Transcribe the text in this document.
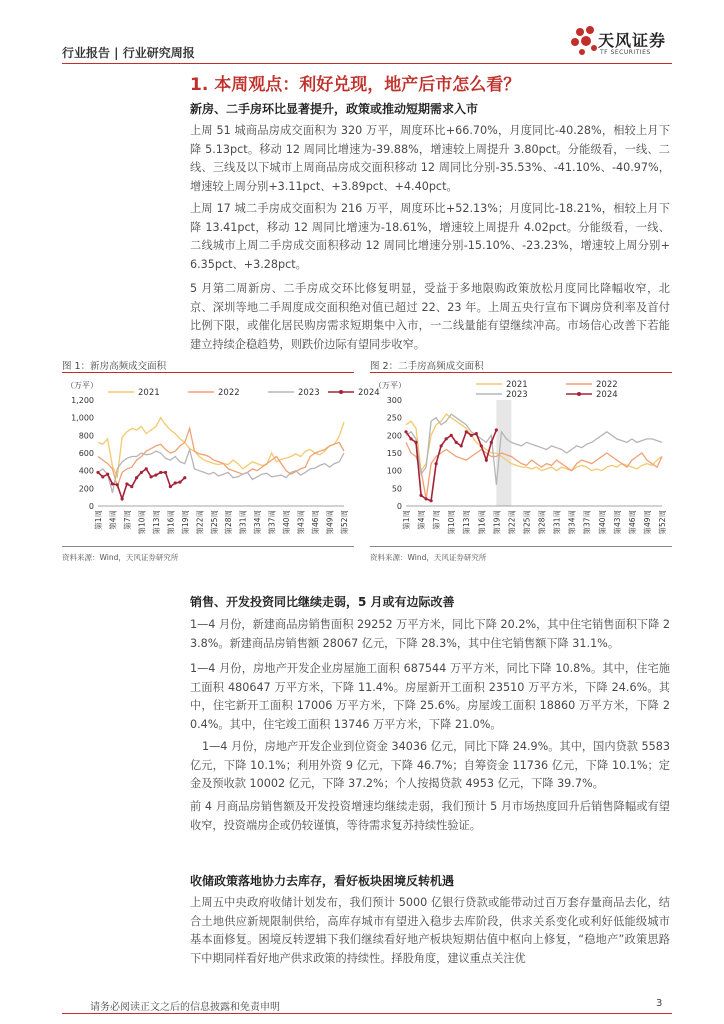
行业报告 | 行业研究周报
天风证券
TF SECURITIES
1. 本周观点：利好兑现，地产后市怎么看？
新房、二手房环比显著提升，政策或推动短期需求入市
上周 51 城商品房成交面积为 320 万平，周度环比+66.70%，月度同比-40.28%，相较上月下降 5.13pct。移动 12 周同比增速为-39.88%，增速较上周提升 3.80pct。分能级看，一线、二线、三线及以下城市上周商品房成交面积移动 12 周同比分别-35.53%、-41.10%、-40.97%，增速较上周分别+3.11pct、+3.89pct、+4.40pct。
上周 17 城二手房成交面积为 216 万平，周度环比+52.13%；月度同比-18.21%，相较上月下降 13.41pct，移动 12 周同比增速为-18.61%，增速较上周提升 4.02pct。分能级看，一线、二线城市上周二手房成交面积移动 12 周同比增速分别-15.10%、-23.23%，增速较上周分别+6.35pct、+3.28pct。
5 月第二周新房、二手房成交环比修复明显，受益于多地限购政策放松月度同比降幅收窄，北京、深圳等地二手周度成交面积绝对值已超过 22、23 年。上周五央行宣布下调房贷利率及首付比例下限，或催化居民购房需求短期集中入市，一二线量能有望继续冲高。市场信心改善下若能建立持续企稳趋势，则跌价边际有望同步收窄。
图 1：新房高频成交面积	图 2：二手房高频成交面积
（万平）
0
200
400
600
800
1,000
1,200
第1周 第4周 第7周 第10周 第13周 第16周 第19周 第22周 第25周 第28周 第31周 第34周 第37周 第40周 第43周 第46周 第49周 第52周
2021	2022	2023	2024
（万平）
0
50
100
150
200
250
300
第1周 第4周 第7周 第10周 第13周 第16周 第19周 第22周 第25周 第28周 第31周 第34周 第37周 第40周 第43周 第46周 第49周 第52周
2021	2022
2023	2024
资料来源：Wind，天风证券研究所	资料来源：Wind，天风证券研究所
销售、开发投资同比继续走弱，5 月或有边际改善
1—4 月份，新建商品房销售面积 29252 万平方米，同比下降 20.2%，其中住宅销售面积下降 23.8%。新建商品房销售额 28067 亿元，下降 28.3%，其中住宅销售额下降 31.1%。
1—4 月份，房地产开发企业房屋施工面积 687544 万平方米，同比下降 10.8%。其中，住宅施工面积 480647 万平方米，下降 11.4%。房屋新开工面积 23510 万平方米，下降 24.6%。其中，住宅新开工面积 17006 万平方米，下降 25.6%。房屋竣工面积 18860 万平方米，下降 20.4%。其中，住宅竣工面积 13746 万平方米，下降 21.0%。
1—4 月份，房地产开发企业到位资金 34036 亿元，同比下降 24.9%。其中，国内贷款 5583 亿元，下降 10.1%；利用外资 9 亿元，下降 46.7%；自筹资金 11736 亿元，下降 10.1%；定金及预收款 10002 亿元，下降 37.2%；个人按揭贷款 4953 亿元，下降 39.7%。
前 4 月商品房销售额及开发投资增速均继续走弱，我们预计 5 月市场热度回升后销售降幅或有望收窄，投资端房企或仍较谨慎，等待需求复苏持续性验证。
收储政策落地协力去库存，看好板块困境反转机遇
上周五中央政府收储计划发布，我们预计 5000 亿银行贷款或能带动过百万套存量商品去化，结合土地供应新规限制供给，高库存城市有望进入稳步去库阶段，供求关系变化或利好低能级城市基本面修复。困境反转逻辑下我们继续看好地产板块短期估值中枢向上修复，“稳地产”政策思路下中期同样看好地产供求政策的持续性。择股角度，建议重点关注优
请务必阅读正文之后的信息披露和免责申明	3
